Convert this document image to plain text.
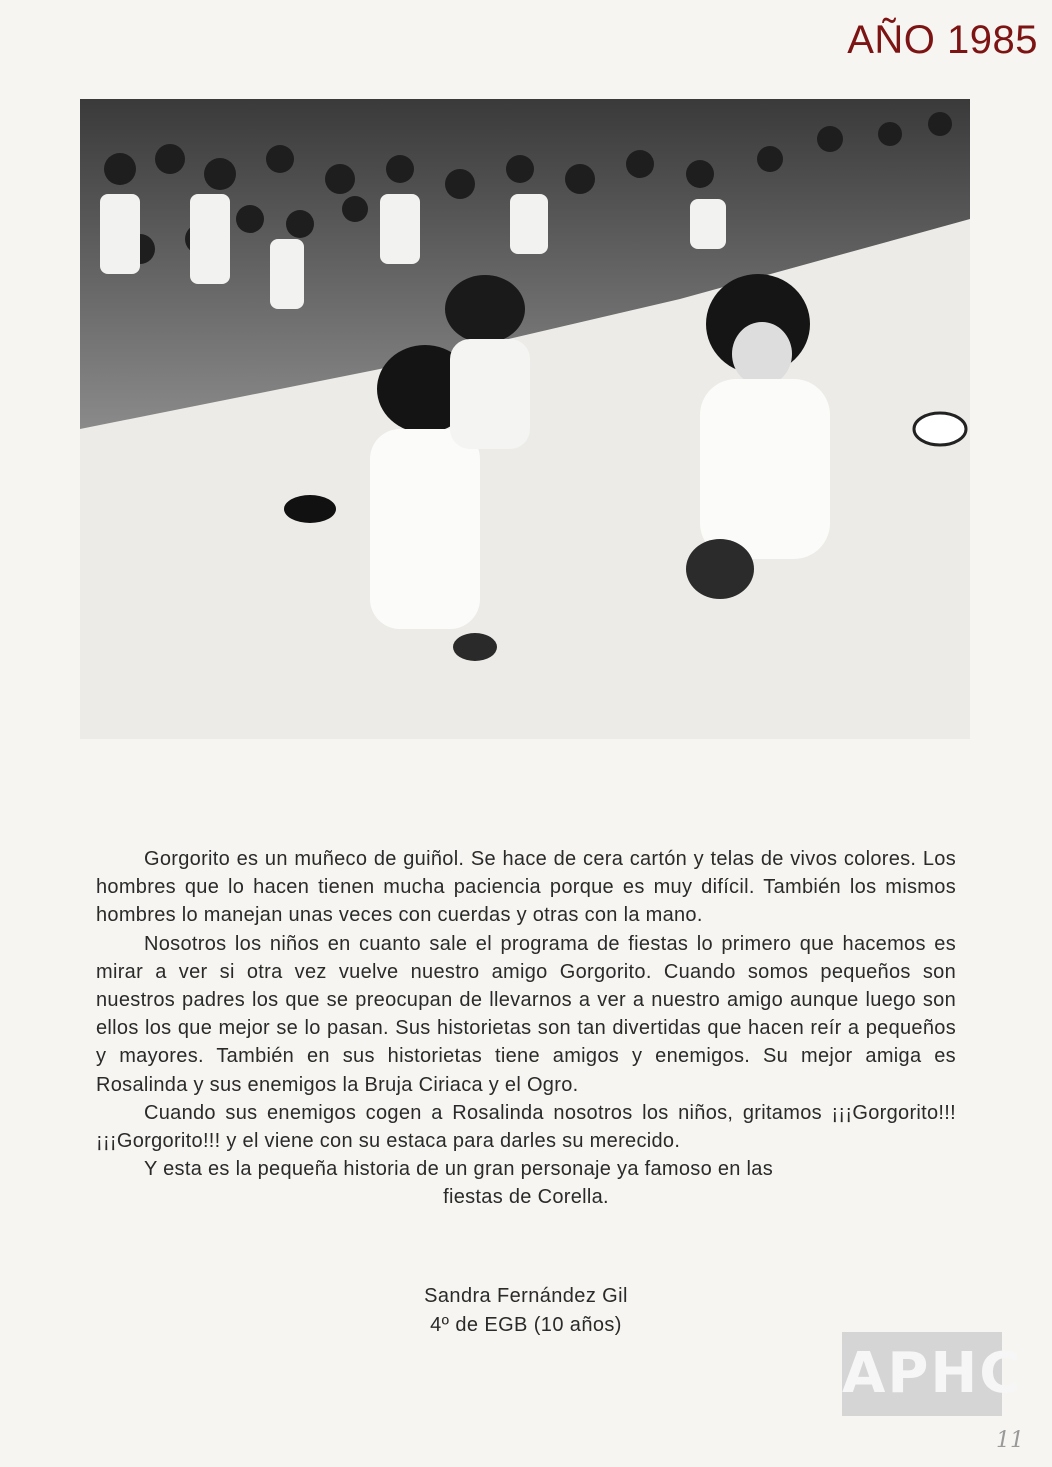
AÑO 1985

Gorgorito es un muñeco de guiñol. Se hace de cera cartón y telas de vivos colores. Los hombres que lo hacen tienen mucha paciencia porque es muy difícil. También los mismos hombres lo manejan unas veces con cuerdas y otras con la mano.

Nosotros los niños en cuanto sale el programa de fiestas lo primero que hacemos es mirar a ver si otra vez vuelve nuestro amigo Gorgorito. Cuando somos pequeños son nuestros padres los que se preocupan de llevarnos a ver a nuestro amigo aunque luego son ellos los que mejor se lo pasan. Sus historietas son tan divertidas que hacen reír a pequeños y mayores. También en sus historietas tiene amigos y enemigos. Su mejor amiga es Rosalinda y sus enemigos la Bruja Ciriaca y el Ogro.

Cuando sus enemigos cogen a Rosalinda nosotros los niños, gritamos ¡¡¡Gorgorito!!! ¡¡¡Gorgorito!!! y el viene con su estaca para darles su merecido.

Y esta es la pequeña historia de un gran personaje ya famoso en las

fiestas de Corella.

Sandra Fernández Gil
4º de EGB (10 años)
APHC
11
